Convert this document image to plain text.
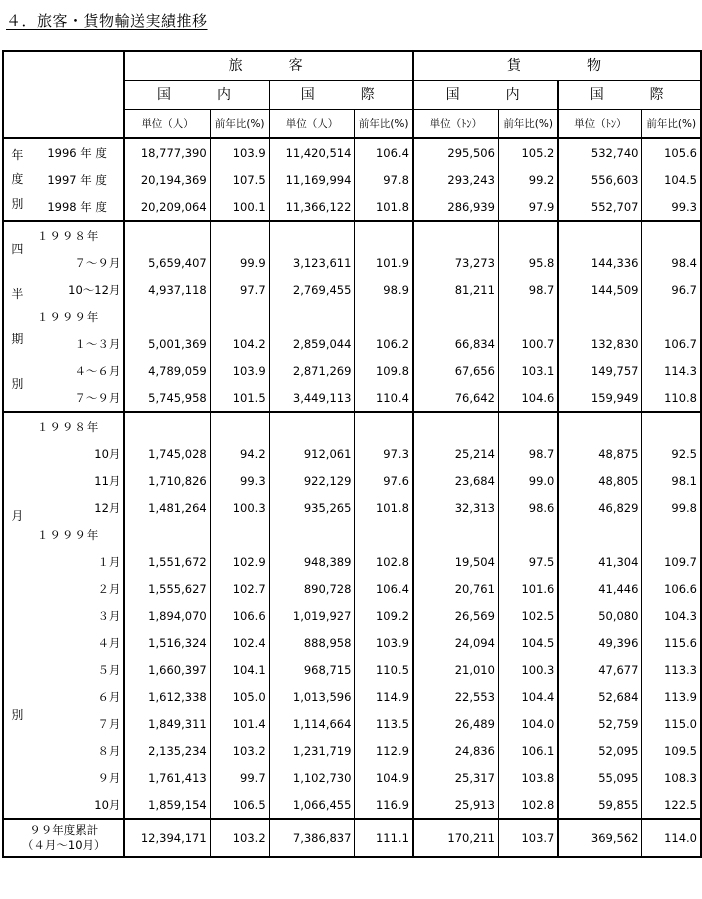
４．旅客・貨物輸送実績推移
		旅　　客				貨　　　物			
		国　　内		国　　際		国　　内		国　　際	
		単位（人）	前年比(%)	単位（人）	前年比(%)	単位（ﾄﾝ）	前年比(%)	単位（ﾄﾝ）	前年比(%)

年
度
別	1996 年 度	18,777,390	103.9	11,420,514	106.4	295,506	105.2	532,740	105.6
	1997 年 度	20,194,369	107.5	11,169,994	97.8	293,243	99.2	556,603	104.5
	1998 年 度	20,209,064	100.1	11,366,122	101.8	286,939	97.9	552,707	99.3

四
半
期
別	１９９８年								
	７～９月	5,659,407	99.9	3,123,611	101.9	73,273	95.8	144,336	98.4
	10～12月	4,937,118	97.7	2,769,455	98.9	81,211	98.7	144,509	96.7
	１９９９年								
	１～３月	5,001,369	104.2	2,859,044	106.2	66,834	100.7	132,830	106.7
	４～６月	4,789,059	103.9	2,871,269	109.8	67,656	103.1	149,757	114.3
	７～９月	5,745,958	101.5	3,449,113	110.4	76,642	104.6	159,949	110.8

月
別	１９９８年								
	10月	1,745,028	94.2	912,061	97.3	25,214	98.7	48,875	92.5
	11月	1,710,826	99.3	922,129	97.6	23,684	99.0	48,805	98.1
	12月	1,481,264	100.3	935,265	101.8	32,313	98.6	46,829	99.8
	１９９９年								
	１月	1,551,672	102.9	948,389	102.8	19,504	97.5	41,304	109.7
	２月	1,555,627	102.7	890,728	106.4	20,761	101.6	41,446	106.6
	３月	1,894,070	106.6	1,019,927	109.2	26,569	102.5	50,080	104.3
	４月	1,516,324	102.4	888,958	103.9	24,094	104.5	49,396	115.6
	５月	1,660,397	104.1	968,715	110.5	21,010	100.3	47,677	113.3
	６月	1,612,338	105.0	1,013,596	114.9	22,553	104.4	52,684	113.9
	７月	1,849,311	101.4	1,114,664	113.5	26,489	104.0	52,759	115.0
	８月	2,135,234	103.2	1,231,719	112.9	24,836	106.1	52,095	109.5
	９月	1,761,413	99.7	1,102,730	104.9	25,317	103.8	55,095	108.3
	10月	1,859,154	106.5	1,066,455	116.9	25,913	102.8	59,855	122.5

９９年度累計
（４月～10月）		12,394,171	103.2	7,386,837	111.1	170,211	103.7	369,562	114.0
